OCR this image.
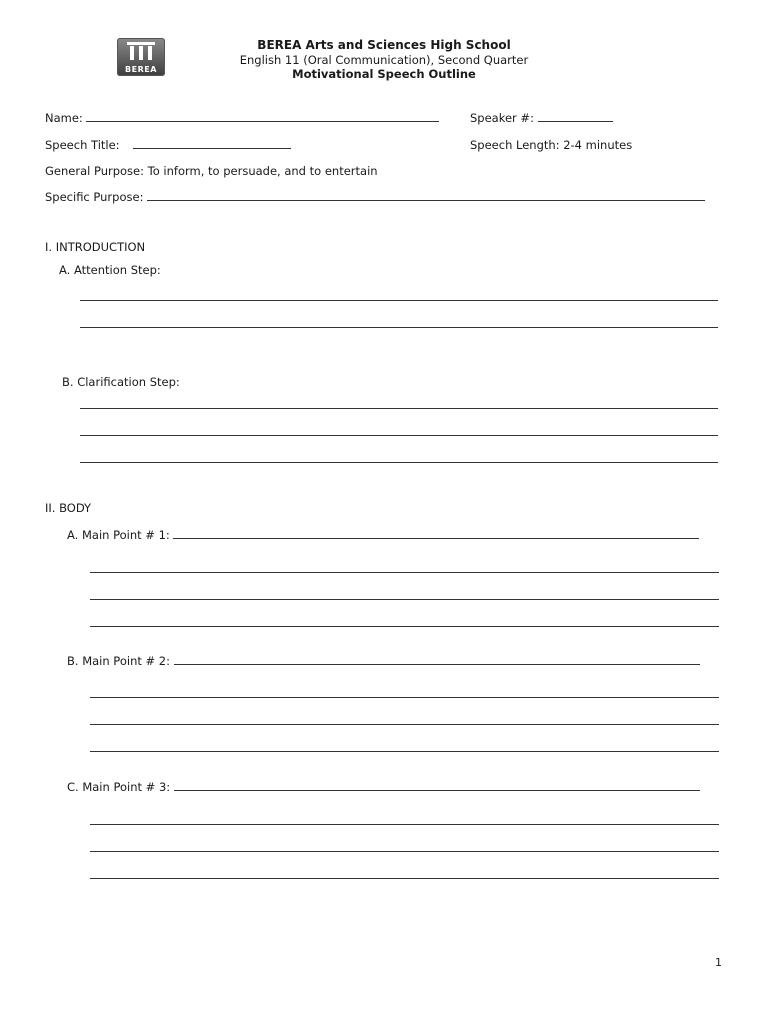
BEREA
BEREA Arts and Sciences High School
English 11 (Oral Communication), Second Quarter
Motivational Speech Outline
Name:	Speaker #:
Speech Title:	Speech Length: 2-4 minutes
General Purpose: To inform, to persuade, and to entertain
Specific Purpose:
I. INTRODUCTION
A. Attention Step:
B. Clarification Step:
II. BODY
A. Main Point # 1:
B. Main Point # 2:
C. Main Point # 3:
1
